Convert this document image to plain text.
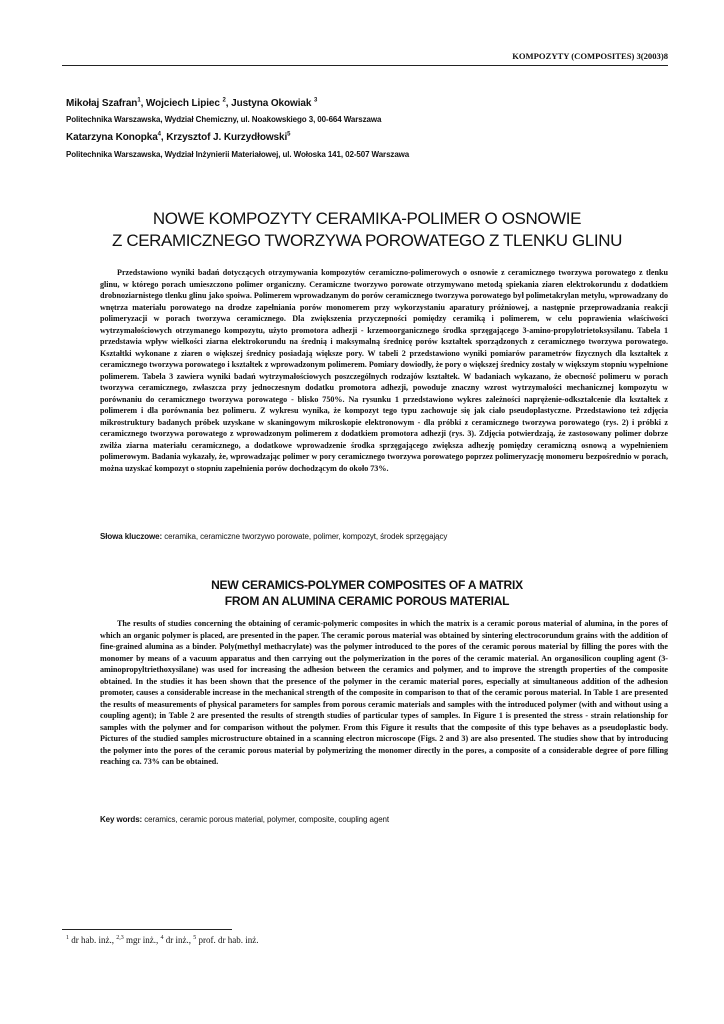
KOMPOZYTY (COMPOSITES) 3(2003)8
Mikołaj Szafran$^1$, Wojciech Lipiec $^2$, Justyna Okowiak $^3$
Politechnika Warszawska, Wydział Chemiczny, ul. Noakowskiego 3, 00-664 Warszawa
Katarzyna Konopka$^4$, Krzysztof J. Kurzydłowski$^5$
Politechnika Warszawska, Wydział Inżynierii Materiałowej, ul. Wołoska 141, 02-507 Warszawa
NOWE KOMPOZYTY CERAMIKA-POLIMER O OSNOWIE
Z CERAMICZNEGO TWORZYWA POROWATEGO Z TLENKU GLINU

Przedstawiono wyniki badań dotyczących otrzymywania kompozytów ceramiczno-polimerowych o osnowie z ceramicznego tworzywa porowatego z tlenku glinu, w którego porach umieszczono polimer organiczny. Ceramiczne tworzywo porowate otrzymywano metodą spiekania ziaren elektrokorundu z dodatkiem drobnoziarnistego tlenku glinu jako spoiwa. Polimerem wprowadzanym do porów ceramicznego tworzywa porowatego był polimetakrylan metylu, wprowadzany do wnętrza materiału porowatego na drodze zapełniania porów monomerem przy wykorzystaniu aparatury próżniowej, a następnie przeprowadzania reakcji polimeryzacji w porach tworzywa ceramicznego. Dla zwiększenia przyczepności pomiędzy ceramiką i polimerem, w celu poprawienia właściwości wytrzymałościowych otrzymanego kompozytu, użyto promotora adhezji - krzemoorganicznego środka sprzęgającego 3-amino-propylotrietoksysilanu. Tabela 1 przedstawia wpływ wielkości ziarna elektrokorundu na średnią i maksymalną średnicę porów kształtek sporządzonych z ceramicznego tworzywa porowatego. Kształtki wykonane z ziaren o większej średnicy posiadają większe pory. W tabeli 2 przedstawiono wyniki pomiarów parametrów fizycznych dla kształtek z ceramicznego tworzywa porowatego i kształtek z wprowadzonym polimerem. Pomiary dowiodły, że pory o większej średnicy zostały w większym stopniu wypełnione polimerem. Tabela 3 zawiera wyniki badań wytrzymałościowych poszczególnych rodzajów kształtek. W badaniach wykazano, że obecność polimeru w porach tworzywa ceramicznego, zwłaszcza przy jednoczesnym dodatku promotora adhezji, powoduje znaczny wzrost wytrzymałości mechanicznej kompozytu w porównaniu do ceramicznego tworzywa porowatego - blisko 750%. Na rysunku 1 przedstawiono wykres zależności naprężenie-odkształcenie dla kształtek z polimerem i dla porównania bez polimeru. Z wykresu wynika, że kompozyt tego typu zachowuje się jak ciało pseudoplastyczne. Przedstawiono też zdjęcia mikrostruktury badanych próbek uzyskane w skaningowym mikroskopie elektronowym - dla próbki z ceramicznego tworzywa porowatego (rys. 2) i próbki z ceramicznego tworzywa porowatego z wprowadzonym polimerem z dodatkiem promotora adhezji (rys. 3). Zdjęcia potwierdzają, że zastosowany polimer dobrze zwilża ziarna materiału ceramicznego, a dodatkowe wprowadzenie środka sprzęgającego zwiększa adhezję pomiędzy ceramiczną osnową a wypełnieniem polimerowym. Badania wykazały, że, wprowadzając polimer w pory ceramicznego tworzywa porowatego poprzez polimeryzację monomeru bezpośrednio w porach, można uzyskać kompozyt o stopniu zapełnienia porów dochodzącym do około 73%.

Słowa kluczowe: ceramika, ceramiczne tworzywo porowate, polimer, kompozyt, środek sprzęgający
NEW CERAMICS-POLYMER COMPOSITES OF A MATRIX
FROM AN ALUMINA CERAMIC POROUS MATERIAL

The results of studies concerning the obtaining of ceramic-polymeric composites in which the matrix is a ceramic porous material of alumina, in the pores of which an organic polymer is placed, are presented in the paper. The ceramic porous material was obtained by sintering electrocorundum grains with the addition of fine-grained alumina as a binder. Poly(methyl methacrylate) was the polymer introduced to the pores of the ceramic porous material by filling the pores with the monomer by means of a vacuum apparatus and then carrying out the polymerization in the pores of the ceramic material. An organosilicon coupling agent (3-aminopropyltriethoxysilane) was used for increasing the adhesion between the ceramics and polymer, and to improve the strength properties of the composite obtained. In the studies it has been shown that the presence of the polymer in the ceramic material pores, especially at simultaneous addition of the adhesion promoter, causes a considerable increase in the mechanical strength of the composite in comparison to that of the ceramic porous material. In Table 1 are presented the results of measurements of physical parameters for samples from porous ceramic materials and samples with the introduced polymer (with and without using a coupling agent); in Table 2 are presented the results of strength studies of particular types of samples. In Figure 1 is presented the stress - strain relationship for samples with the polymer and for comparison without the polymer. From this Figure it results that the composite of this type behaves as a pseudoplastic body. Pictures of the studied samples microstructure obtained in a scanning electron microscope (Figs. 2 and 3) are also presented. The studies show that by introducing the polymer into the pores of the ceramic porous material by polymerizing the monomer directly in the pores, a composite of a considerable degree of pore filling reaching ca. 73% can be obtained.

Key words: ceramics, ceramic porous material, polymer, composite, coupling agent
$^1$ dr hab. inż., $^{2,3}$ mgr inż., $^4$ dr inż., $^5$ prof. dr hab. inż.
